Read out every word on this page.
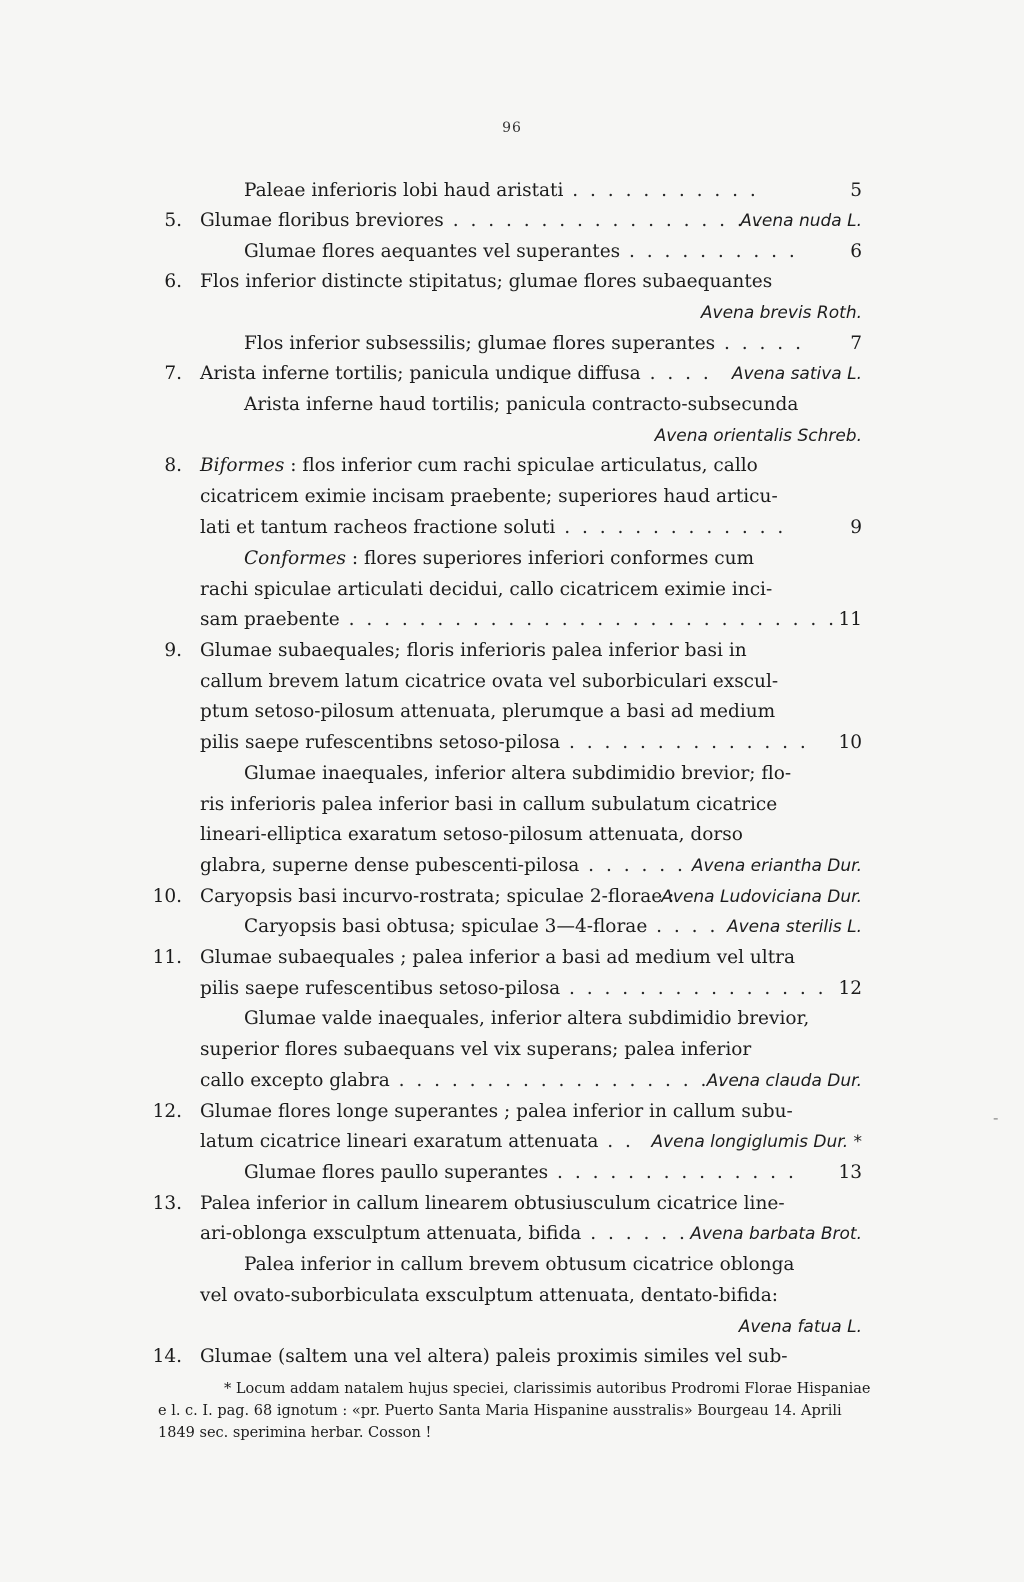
96
Paleae inferioris lobi haud aristati . . . . . . . . . . .	5
5. Glumae floribus breviores . . . . . . . . . . . . . . . . . .
Avena nuda L.
Glumae flores aequantes vel superantes . . . . . . . . . .	6
6. Flos inferior distincte stipitatus; glumae flores subaequantes
Avena brevis Roth.
Flos inferior subsessilis; glumae flores superantes . . . . .	7
7. Arista inferne tortilis; panicula undique diffusa . . . . Avena sativa L.
Arista inferne haud tortilis; panicula contracto-subsecunda
Avena orientalis Schreb.
8. Biformes : flos inferior cum rachi spiculae articulatus, callo
cicatricem eximie incisam praebente; superiores haud articu-
lati et tantum racheos fractione soluti . . . . . . . . . . . . .	9
Conformes : flores superiores inferiori conformes cum
rachi spiculae articulati decidui, callo cicatricem eximie inci-
sam praebente . . . . . . . . . . . . . . . . . . . . . . . . . . . . 11
9. Glumae subaequales; floris inferioris palea inferior basi in
callum brevem latum cicatrice ovata vel suborbiculari exscul-
ptum setoso-pilosum attenuata, plerumque a basi ad medium
pilis saepe rufescentibns setoso-pilosa . . . . . . . . . . . . . . 10
Glumae inaequales, inferior altera subdimidio brevior; flo-
ris inferioris palea inferior basi in callum subulatum cicatrice
lineari-elliptica exaratum setoso-pilosum attenuata, dorso
glabra, superne dense pubescenti-pilosa . . . . . . Avena eriantha Dur.
10. Caryopsis basi incurvo-rostrata; spiculae 2-florae :
Avena Ludoviciana Dur.
Caryopsis basi obtusa; spiculae 3—4-florae . . . . Avena sterilis L.
11. Glumae subaequales ; palea inferior a basi ad medium vel ultra
pilis saepe rufescentibus setoso-pilosa . . . . . . . . . . . . . . . 12
Glumae valde inaequales, inferior altera subdimidio brevior,
superior flores subaequans vel vix superans; palea inferior
callo excepto glabra . . . . . . . . . . . . . . . . . . . .
Avena clauda Dur.
12. Glumae flores longe superantes ; palea inferior in callum subu-
latum cicatrice lineari exaratum attenuata . . Avena longiglumis Dur. *
Glumae flores paullo superantes . . . . . . . . . . . . . . 13
13. Palea inferior in callum linearem obtusiusculum cicatrice line-
ari-oblonga exsculptum attenuata, bifida . . . . . . Avena barbata Brot.
Palea inferior in callum brevem obtusum cicatrice oblonga
vel ovato-suborbiculata exsculptum attenuata, dentato-bifida:
Avena fatua L.
14. Glumae (saltem una vel altera) paleis proximis similes vel sub-
* Locum addam natalem hujus speciei, clarissimis autoribus Prodromi Florae Hispaniae
e l. c. I. pag. 68 ignotum : «pr. Puerto Santa Maria Hispanine ausstralis» Bourgeau 14. Aprili
1849 sec. sperimina herbar. Cosson !
-
